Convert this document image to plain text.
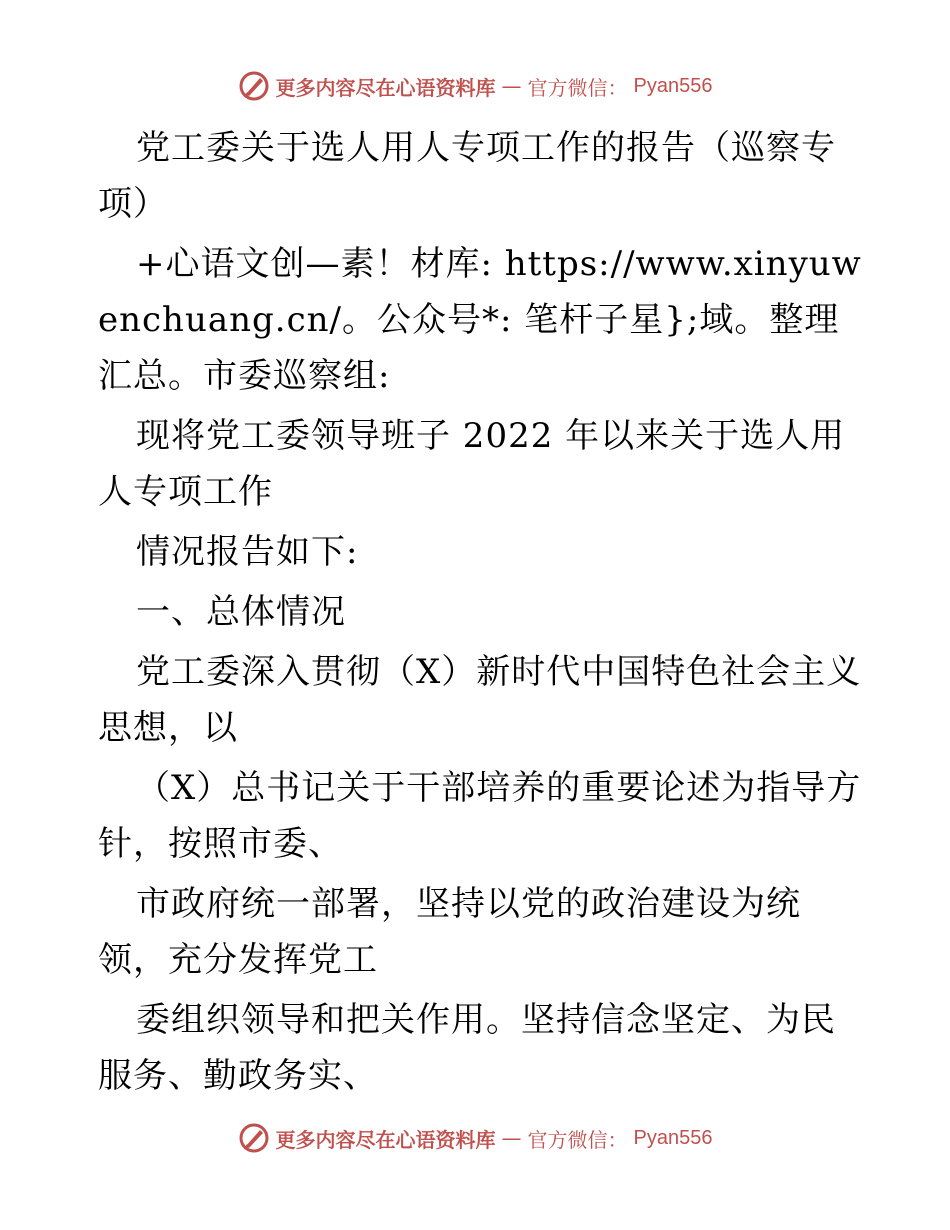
更多内容尽在心语资料库 — 官方微信： Pyan556

党工委关于选人用人专项工作的报告（巡察专项）

+心语文创—素！材库: https://www.xinyuwenchuang.cn/。公众号*: 笔杆子星};域。整理汇总。市委巡察组:

现将党工委领导班子 2022 年以来关于选人用人专项工作

情况报告如下:

一、总体情况

党工委深入贯彻（X）新时代中国特色社会主义思想，以

（X）总书记关于干部培养的重要论述为指导方针，按照市委、

市政府统一部署，坚持以党的政治建设为统领，充分发挥党工

委组织领导和把关作用。坚持信念坚定、为民服务、勤政务实、

更多内容尽在心语资料库 — 官方微信： Pyan556
